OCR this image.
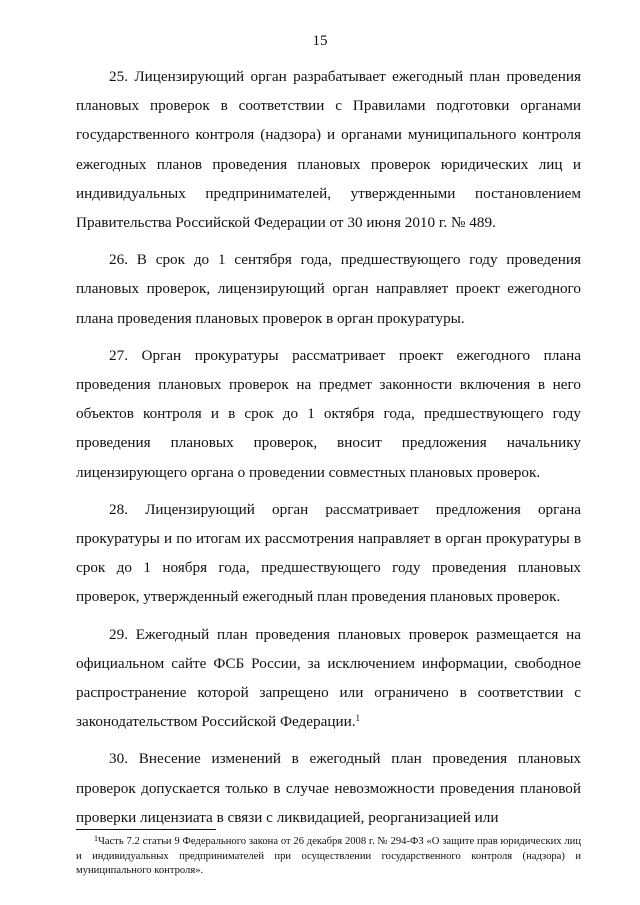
15

25. Лицензирующий орган разрабатывает ежегодный план проведения плановых проверок в соответствии с Правилами подготовки органами государственного контроля (надзора) и органами муниципального контроля ежегодных планов проведения плановых проверок юридических лиц и индивидуальных предпринимателей, утвержденными постановлением Правительства Российской Федерации от 30 июня 2010 г. № 489.

26. В срок до 1 сентября года, предшествующего году проведения плановых проверок, лицензирующий орган направляет проект ежегодного плана проведения плановых проверок в орган прокуратуры.

27. Орган прокуратуры рассматривает проект ежегодного плана проведения плановых проверок на предмет законности включения в него объектов контроля и в срок до 1 октября года, предшествующего году проведения плановых проверок, вносит предложения начальнику лицензирующего органа о проведении совместных плановых проверок.

28. Лицензирующий орган рассматривает предложения органа прокуратуры и по итогам их рассмотрения направляет в орган прокуратуры в срок до 1 ноября года, предшествующего году проведения плановых проверок, утвержденный ежегодный план проведения плановых проверок.

29. Ежегодный план проведения плановых проверок размещается на официальном сайте ФСБ России, за исключением информации, свободное распространение которой запрещено или ограничено в соответствии с законодательством Российской Федерации.$^1$

30. Внесение изменений в ежегодный план проведения плановых проверок допускается только в случае невозможности проведения плановой проверки лицензиата в связи с ликвидацией, реорганизацией или

$^1$Часть 7.2 статьи 9 Федерального закона от 26 декабря 2008 г. № 294-ФЗ «О защите прав юридических лиц и индивидуальных предпринимателей при осуществлении государственного контроля (надзора) и муниципального контроля».
